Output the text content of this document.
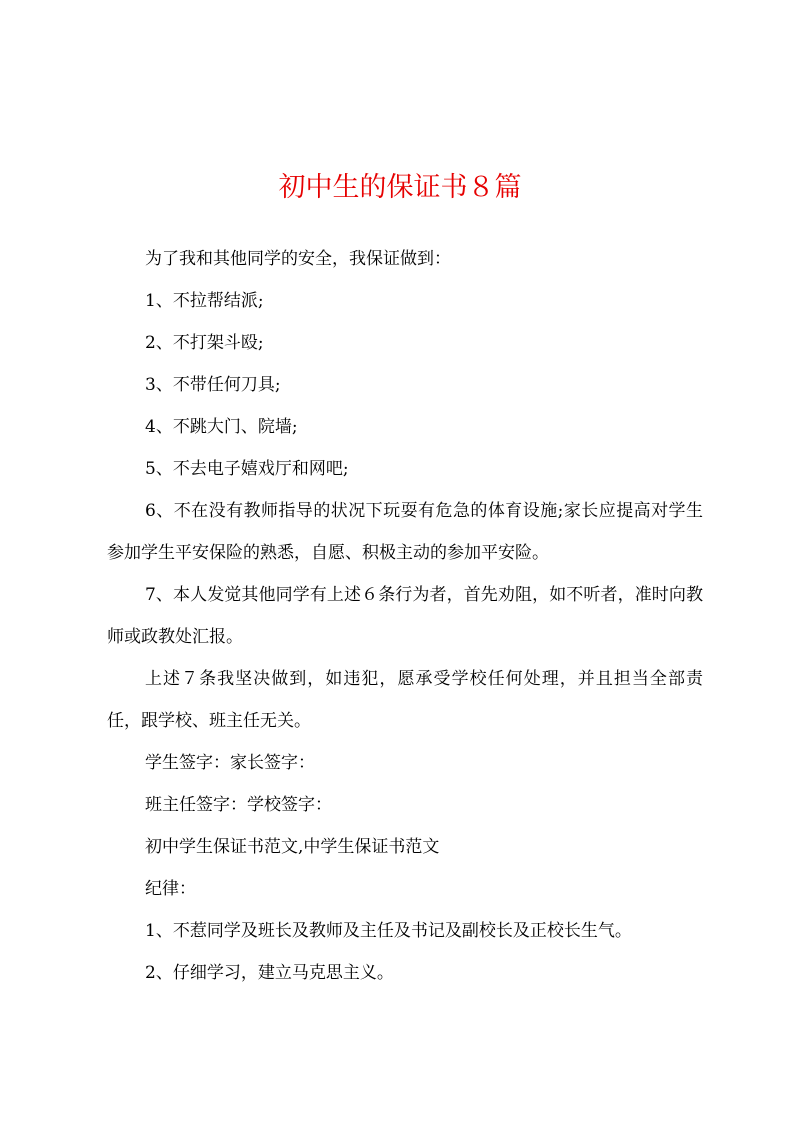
初中生的保证书８篇

为了我和其他同学的安全，我保证做到：

1、不拉帮结派;

2、不打架斗殴;

3、不带任何刀具;

4、不跳大门、院墙;

5、不去电子嬉戏厅和网吧;

6、不在没有教师指导的状况下玩耍有危急的体育设施;家长应提高对学生参加学生平安保险的熟悉，自愿、积极主动的参加平安险。

7、本人发觉其他同学有上述６条行为者，首先劝阻，如不听者，准时向教师或政教处汇报。

上述７条我坚决做到，如违犯，愿承受学校任何处理，并且担当全部责任，跟学校、班主任无关。

学生签字：家长签字：

班主任签字：学校签字：

初中学生保证书范文,中学生保证书范文

纪律：

1、不惹同学及班长及教师及主任及书记及副校长及正校长生气。

2、仔细学习，建立马克思主义。
